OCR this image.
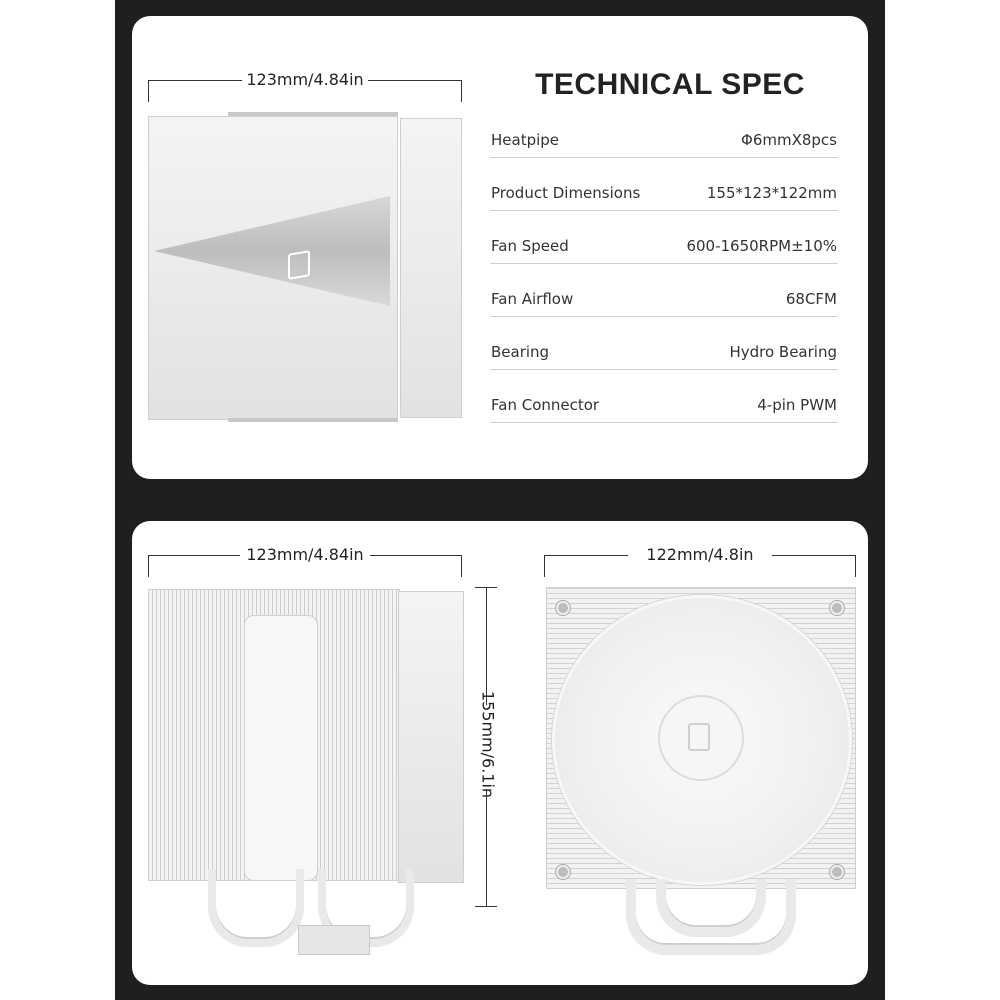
123mm/4.84in	TECHNICAL SPEC
Heatpipe	Φ6mmX8pcs
Product Dimensions	155*123*122mm
Fan Speed	600-1650RPM±10%
Fan Airflow	68CFM
Bearing	Hydro Bearing
Fan Connector	4-pin PWM
123mm/4.84in
155mm/6.1in
122mm/4.8in
